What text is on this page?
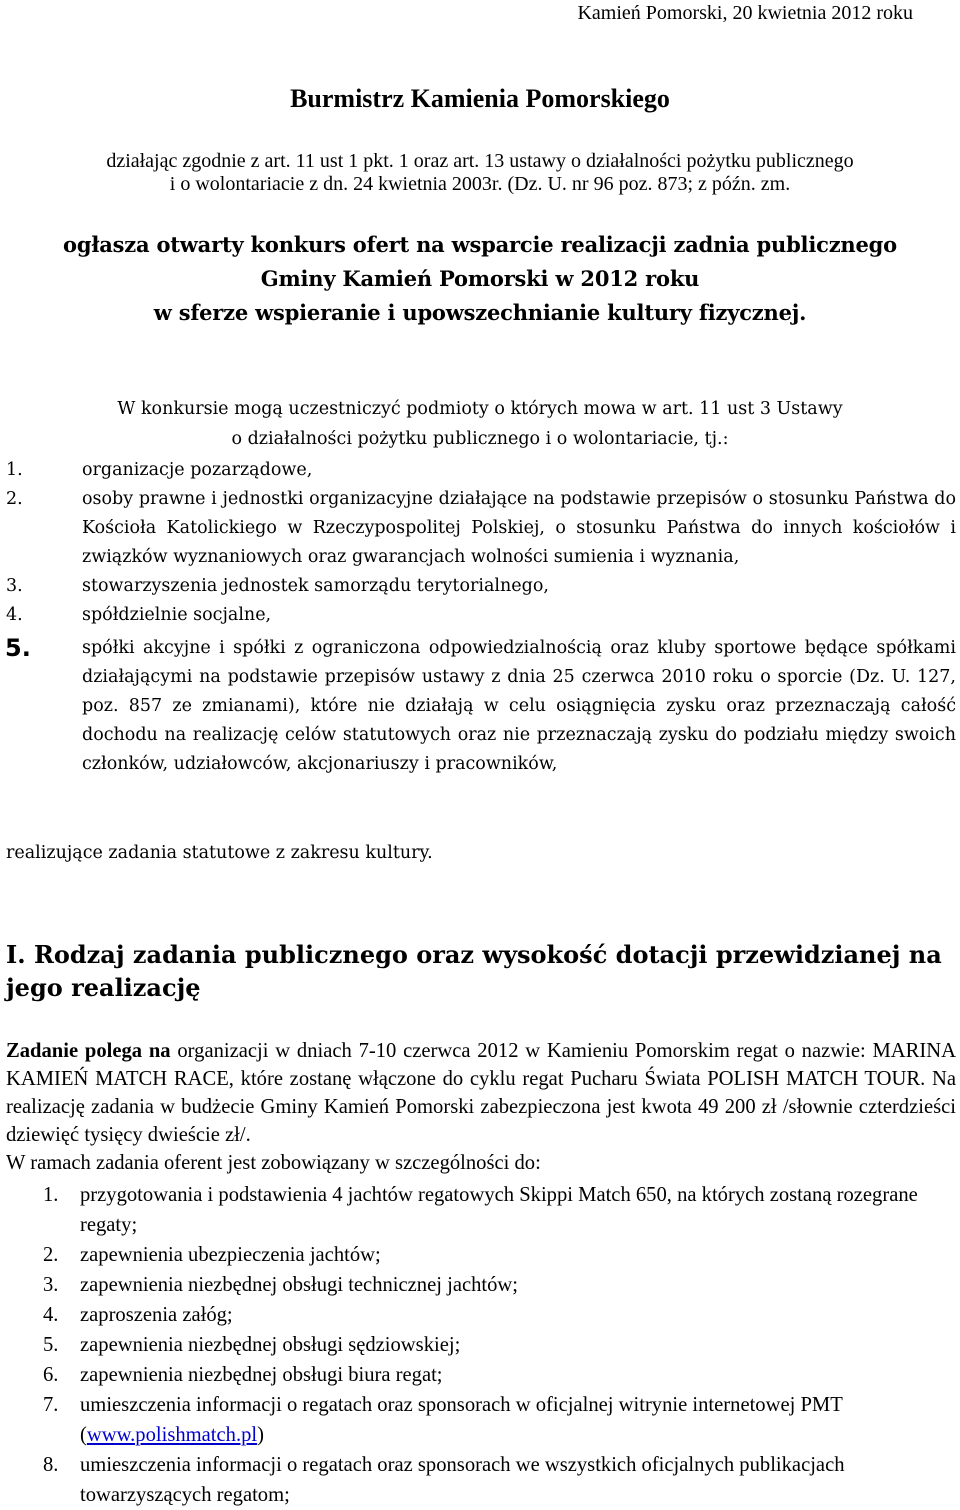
Kamień Pomorski, 20 kwietnia 2012 roku

Burmistrz Kamienia Pomorskiego
działając zgodnie z art. 11 ust 1 pkt. 1 oraz art. 13 ustawy o działalności pożytku publicznego
i o wolontariacie z dn. 24 kwietnia 2003r. (Dz. U. nr 96 poz. 873; z późn. zm.
ogłasza otwarty konkurs ofert na wsparcie realizacji zadnia publicznego
Gminy Kamień Pomorski w 2012 roku
w sferze wspieranie i upowszechnianie kultury fizycznej.
W konkursie mogą uczestniczyć podmioty o których mowa w art. 11 ust 3 Ustawy
o działalności pożytku publicznego i o wolontariacie, tj.:
1.	organizacje pozarządowe,
2.	osoby prawne i jednostki organizacyjne działające na podstawie przepisów o stosunku Państwa do Kościoła Katolickiego w Rzeczypospolitej Polskiej, o stosunku Państwa do innych kościołów i związków wyznaniowych oraz gwarancjach wolności sumienia i wyznania,
3.	stowarzyszenia jednostek samorządu terytorialnego,
4.	spółdzielnie socjalne,
5.	spółki akcyjne i spółki z ograniczona odpowiedzialnością oraz kluby sportowe będące spółkami działającymi na podstawie przepisów ustawy z dnia 25 czerwca 2010 roku o sporcie (Dz. U. 127, poz. 857 ze zmianami), które nie działają w celu osiągnięcia zysku oraz przeznaczają całość dochodu na realizację celów statutowych oraz nie przeznaczają zysku do podziału między swoich członków, udziałowców, akcjonariuszy i pracowników,

realizujące zadania statutowe z zakresu kultury.

I. Rodzaj zadania publicznego oraz wysokość dotacji przewidzianej na jego realizację

Zadanie polega na organizacji w dniach 7-10 czerwca 2012 w Kamieniu Pomorskim regat o nazwie: MARINA KAMIEŃ MATCH RACE, które zostanę włączone do cyklu regat Pucharu Świata POLISH MATCH TOUR. Na realizację zadania w budżecie Gminy Kamień Pomorski zabezpieczona jest kwota 49 200 zł /słownie czterdzieści dziewięć tysięcy dwieście zł/.
W ramach zadania oferent jest zobowiązany w szczególności do:

1. przygotowania i podstawienia 4 jachtów regatowych Skippi Match 650, na których zostaną rozegrane regaty;
2. zapewnienia ubezpieczenia jachtów;
3. zapewnienia niezbędnej obsługi technicznej jachtów;
4. zaproszenia załóg;
5. zapewnienia niezbędnej obsługi sędziowskiej;
6. zapewnienia niezbędnej obsługi biura regat;
7. umieszczenia informacji o regatach oraz sponsorach w oficjalnej witrynie internetowej PMT (www.polishmatch.pl)
8. umieszczenia informacji o regatach oraz sponsorach we wszystkich oficjalnych publikacjach towarzyszących regatom;
